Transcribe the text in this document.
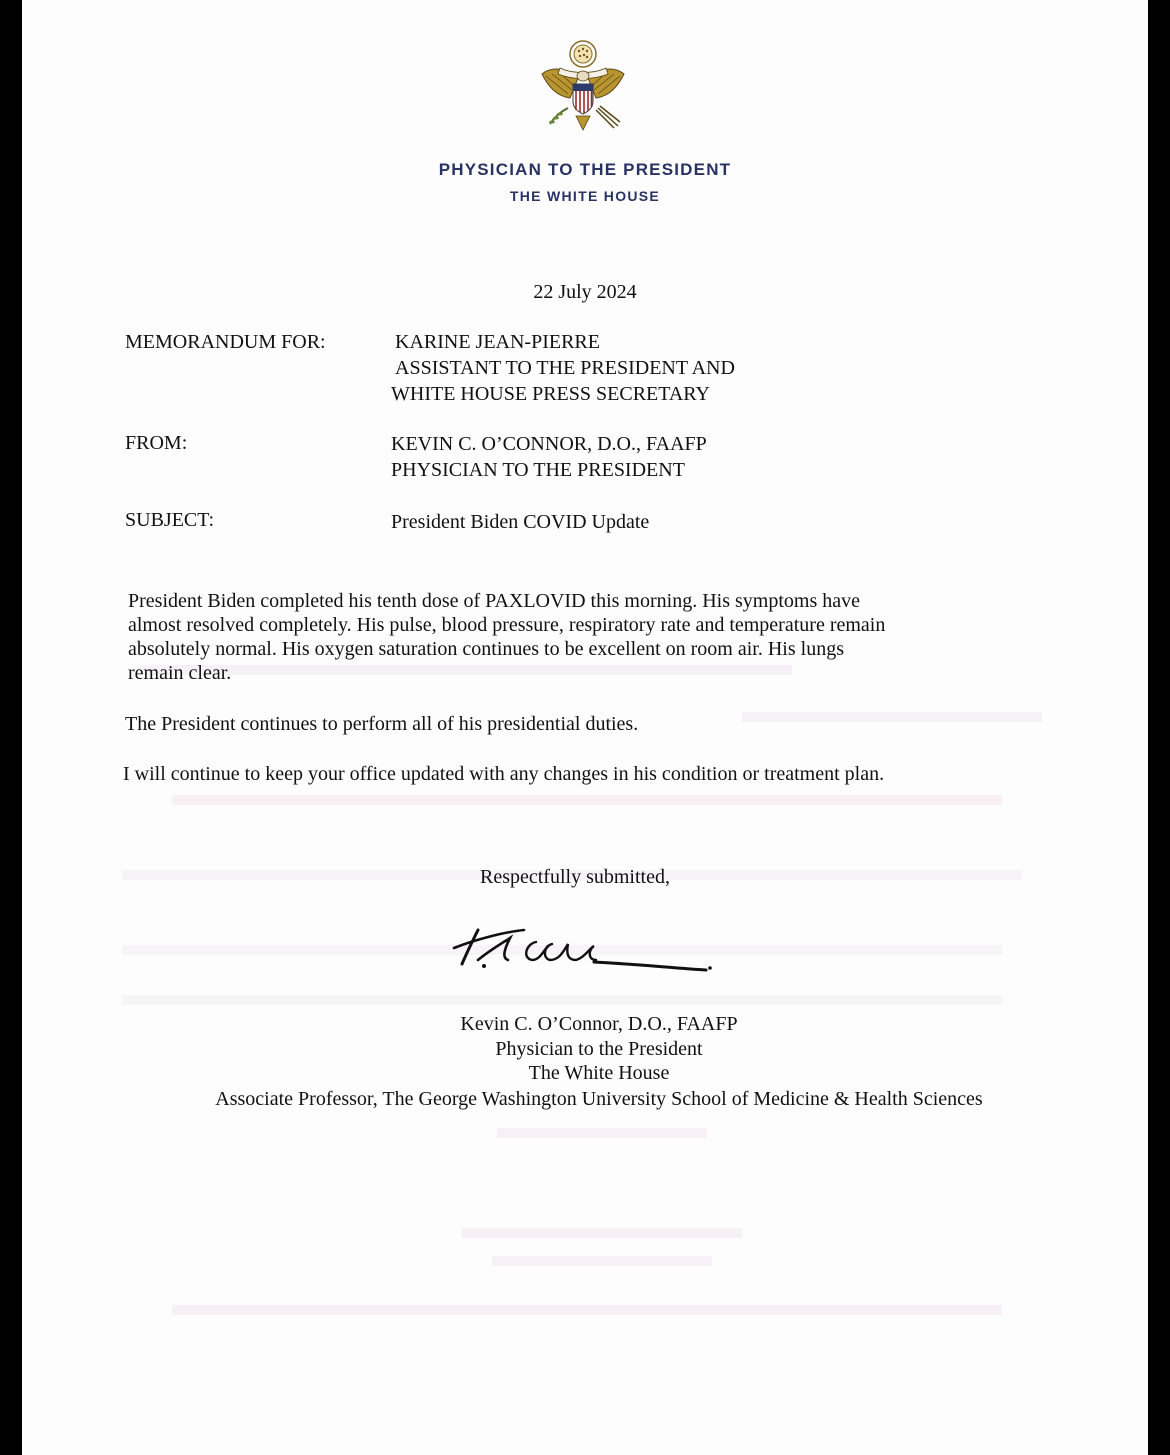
PHYSICIAN TO THE PRESIDENT
THE WHITE HOUSE
22 July 2024
MEMORANDUM FOR:	KARINE JEAN-PIERRE
ASSISTANT TO THE PRESIDENT AND
WHITE HOUSE PRESS SECRETARY
FROM:	KEVIN C. O’CONNOR, D.O., FAAFP
PHYSICIAN TO THE PRESIDENT
SUBJECT:	President Biden COVID Update
President Biden completed his tenth dose of PAXLOVID this morning. His symptoms have
almost resolved completely. His pulse, blood pressure, respiratory rate and temperature remain
absolutely normal. His oxygen saturation continues to be excellent on room air. His lungs
remain clear.
The President continues to perform all of his presidential duties.
I will continue to keep your office updated with any changes in his condition or treatment plan.
Respectfully submitted,
Kevin C. O’Connor, D.O., FAAFP
Physician to the President
The White House
Associate Professor, The George Washington University School of Medicine & Health Sciences
